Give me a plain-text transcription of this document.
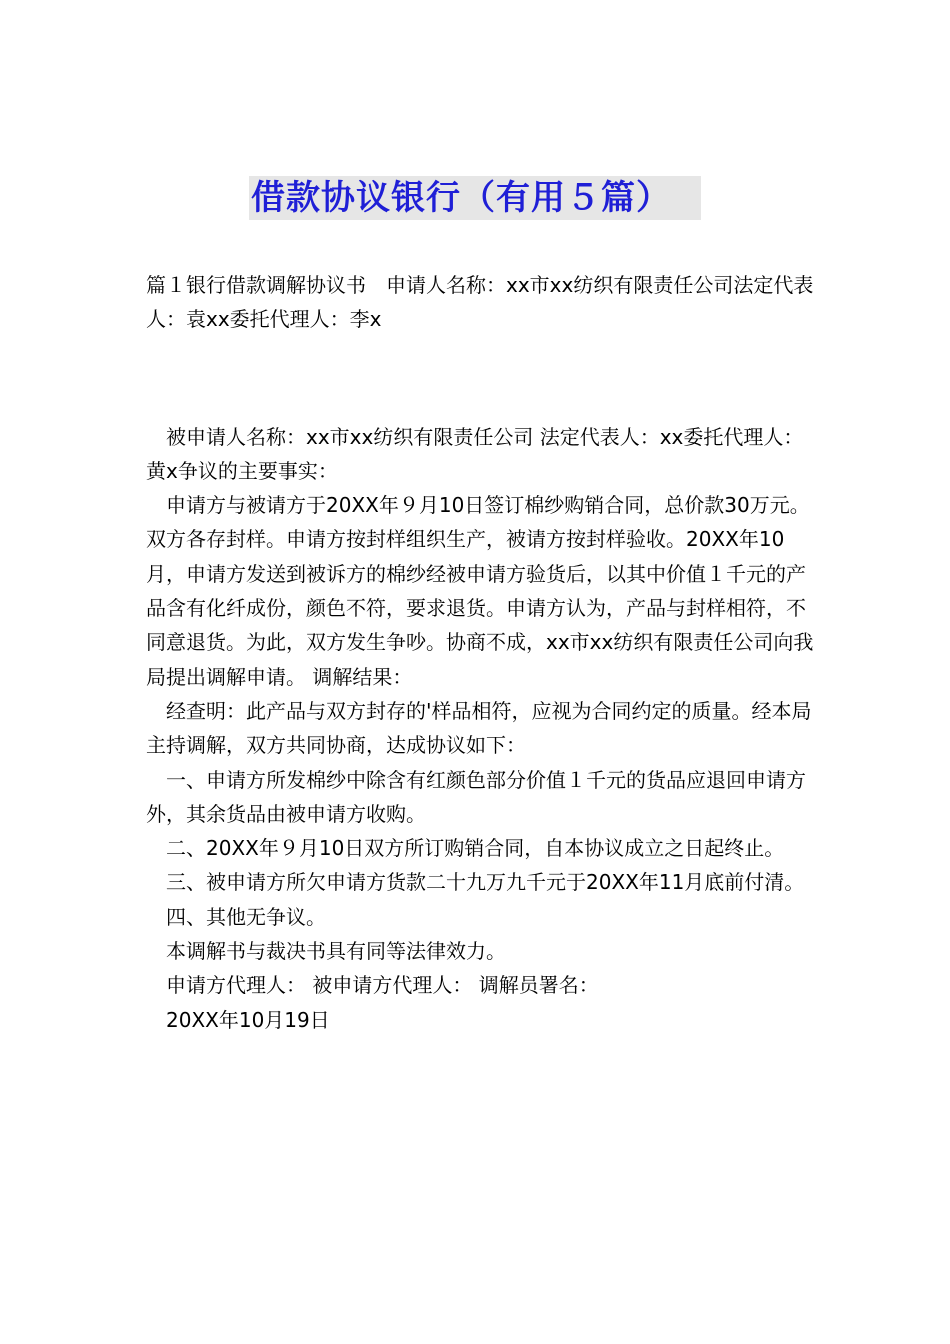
借款协议银行（有用５篇）

篇１银行借款调解协议书　申请人名称：xx市xx纺织有限责任公司法定代表人：袁xx委托代理人：李x

　被申请人名称：xx市xx纺织有限责任公司 法定代表人：xx委托代理人：黄x争议的主要事实：

　申请方与被请方于20XX年９月10日签订棉纱购销合同，总价款30万元。双方各存封样。申请方按封样组织生产，被请方按封样验收。20XX年10月，申请方发送到被诉方的棉纱经被申请方验货后，以其中价值１千元的产品含有化纤成份，颜色不符，要求退货。申请方认为，产品与封样相符，不同意退货。为此，双方发生争吵。协商不成，xx市xx纺织有限责任公司向我局提出调解申请。 调解结果：

　经查明：此产品与双方封存的'样品相符，应视为合同约定的质量。经本局主持调解，双方共同协商，达成协议如下：

　一、申请方所发棉纱中除含有红颜色部分价值１千元的货品应退回申请方外，其余货品由被申请方收购。

　二、20XX年９月10日双方所订购销合同，自本协议成立之日起终止。

　三、被申请方所欠申请方货款二十九万九千元于20XX年11月底前付清。

　四、其他无争议。

　本调解书与裁决书具有同等法律效力。

　申请方代理人： 被申请方代理人： 调解员署名：

　20XX年10月19日
